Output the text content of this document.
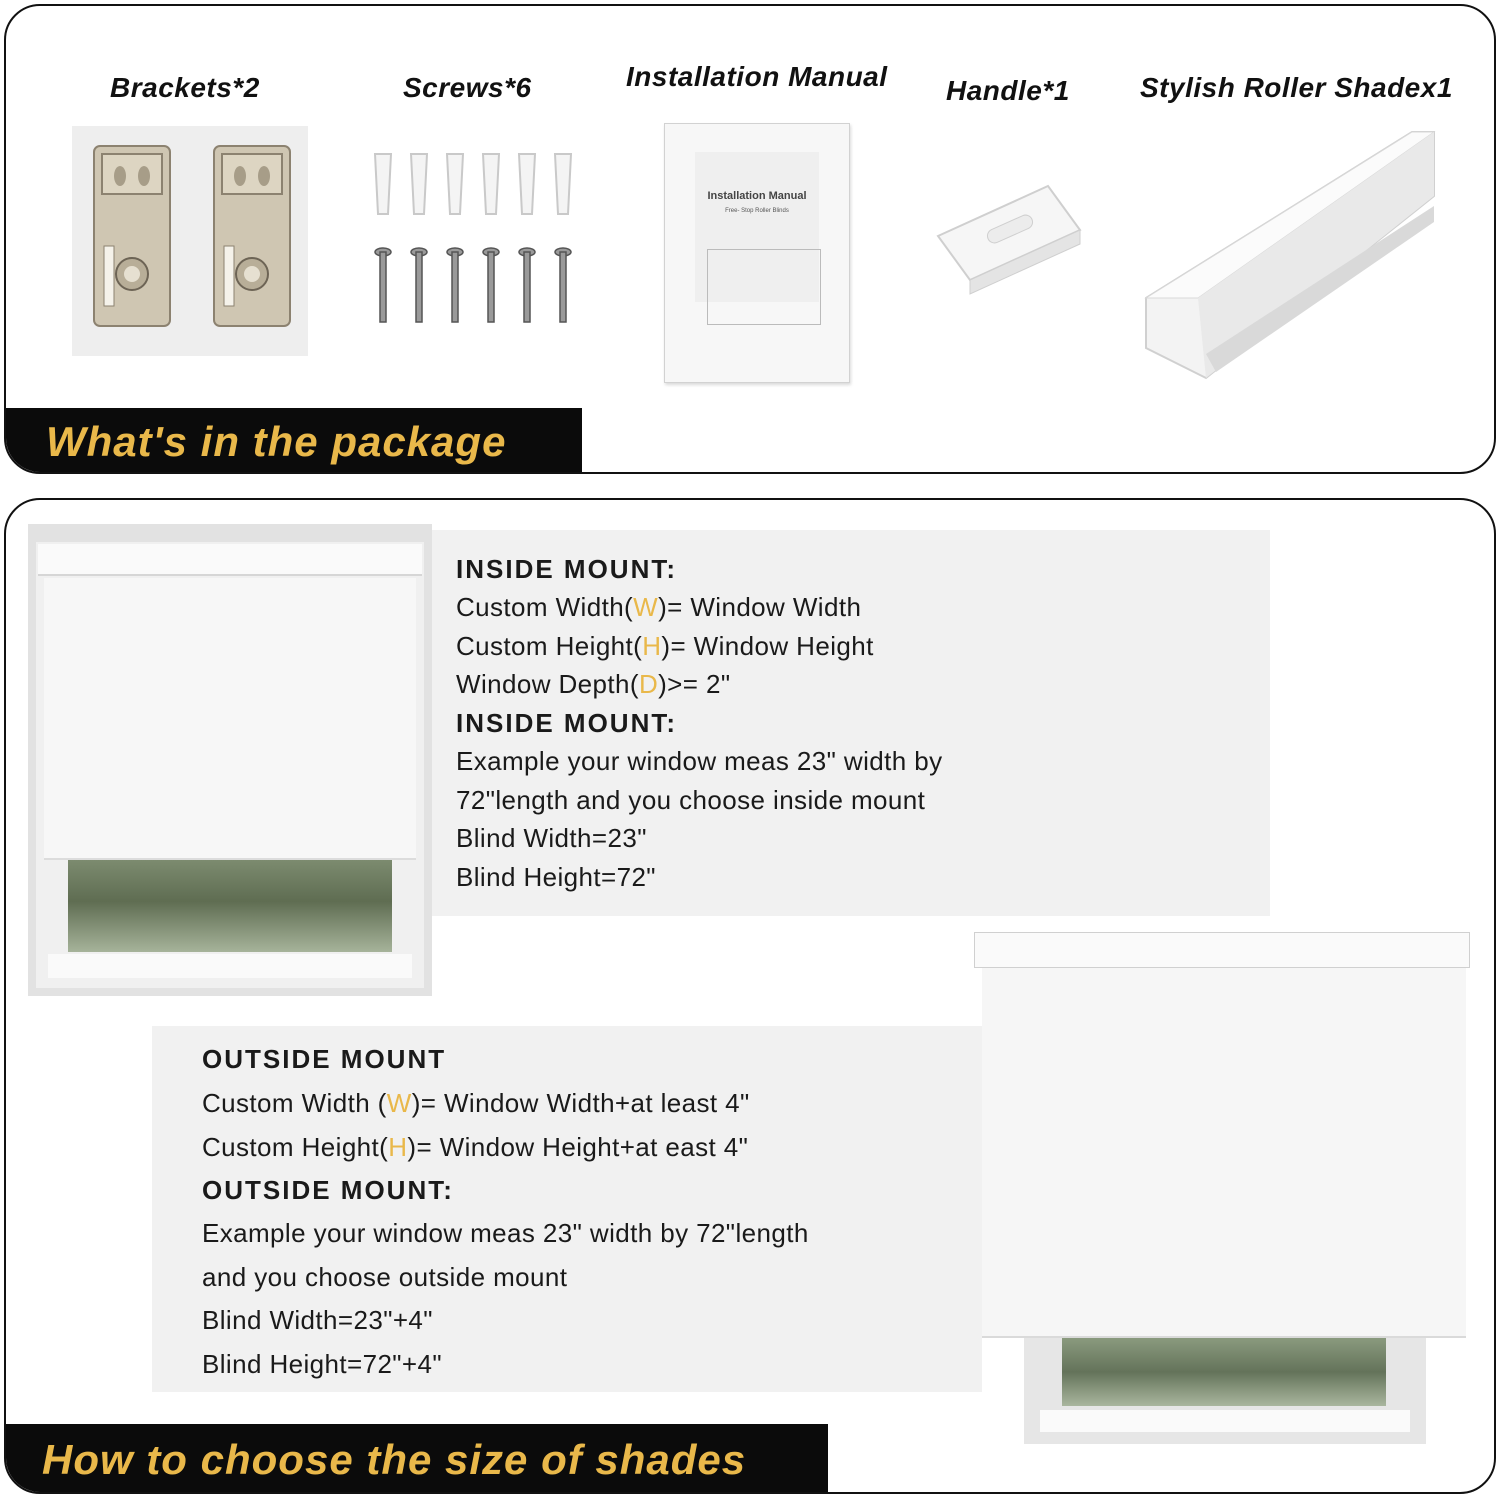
Brackets*2	Screws*6	Installation Manual Handle*1	Stylish Roller Shadex1
Installation Manual
Free- Stop Roller Blinds
What's in the package
INSIDE MOUNT:
Custom Width(W)= Window Width
Custom Height(H)= Window Height
Window Depth(D)>= 2"
INSIDE MOUNT:
Example your window meas 23" width by
72"length and you choose inside mount
Blind Width=23"
Blind Height=72"
OUTSIDE MOUNT
Custom Width (W)= Window Width+at least 4"
Custom Height(H)= Window Height+at east 4"
OUTSIDE MOUNT:
Example your window meas 23" width by 72"length
and you choose outside mount
Blind Width=23"+4"
Blind Height=72"+4"
How to choose the size of shades
